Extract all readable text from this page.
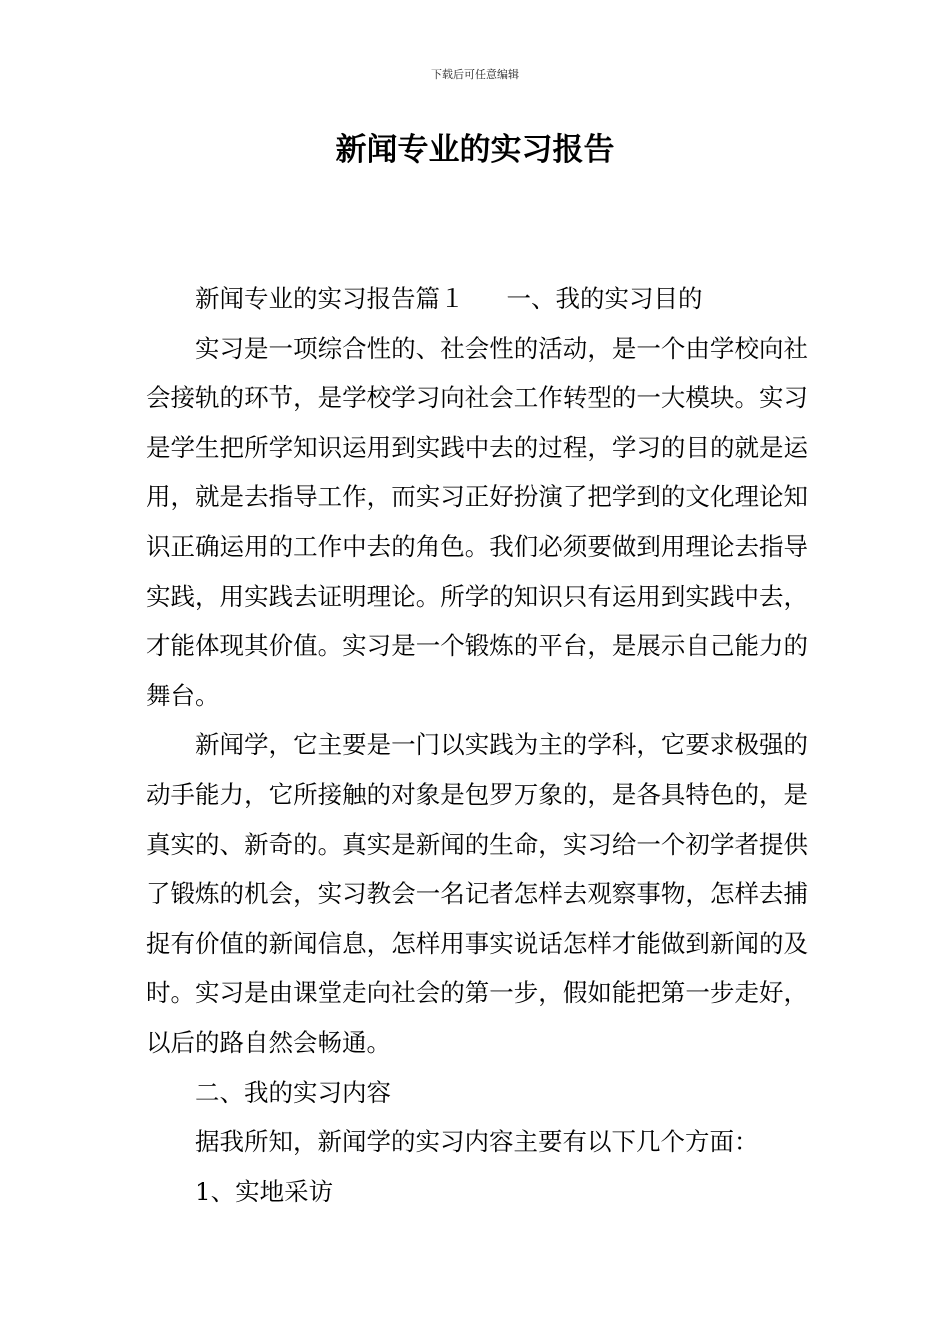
下载后可任意编辑
新闻专业的实习报告

新闻专业的实习报告篇１ 一、我的实习目的

实习是一项综合性的、社会性的活动，是一个由学校向社会接轨的环节，是学校学习向社会工作转型的一大模块。实习是学生把所学知识运用到实践中去的过程，学习的目的就是运用，就是去指导工作，而实习正好扮演了把学到的文化理论知识正确运用的工作中去的角色。我们必须要做到用理论去指导实践，用实践去证明理论。所学的知识只有运用到实践中去，才能体现其价值。实习是一个锻炼的平台，是展示自己能力的舞台。

新闻学，它主要是一门以实践为主的学科，它要求极强的动手能力，它所接触的对象是包罗万象的，是各具特色的，是真实的、新奇的。真实是新闻的生命，实习给一个初学者提供了锻炼的机会，实习教会一名记者怎样去观察事物，怎样去捕捉有价值的新闻信息，怎样用事实说话怎样才能做到新闻的及时。实习是由课堂走向社会的第一步，假如能把第一步走好，以后的路自然会畅通。

二、我的实习内容

据我所知，新闻学的实习内容主要有以下几个方面：

1、实地采访
